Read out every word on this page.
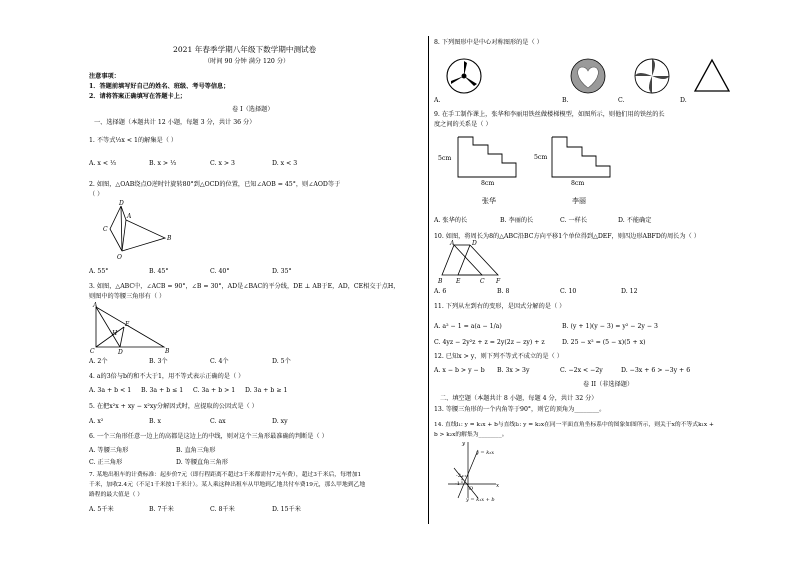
2021 年春季学期八年级下数学期中测试卷
（时间 90 分钟 满分 120 分）
注意事项：
1．答题前填写好自己的姓名、班级、考号等信息；
2．请将答案正确填写在答题卡上；
卷 I（选择题）
一、选择题（本题共计 12 小题，每题 3 分，共计 36 分）
1. 不等式⅓x < 1的解集是（ ）
A. x < ⅓	B. x > ⅓	C. x > 3	D. x < 3
2. 如图，△OAB绕点O逆时针旋转80°到△OCD的位置，已知∠AOB = 45°，则∠AOD等于
（ ）
D
C
A
B
O
A. 55°	B. 45°	C. 40°	D. 35°
3. 如图，△ABC中，∠ACB = 90°，∠B = 30°，AD是∠BAC的平分线，DE ⊥ AB于E，AD，CE相交于点H，
则图中的等腰三角形有（ ）
A
E
H
C	D	B
A. 2个	B. 3个	C. 4个	D. 5个
4. a的3倍与b的和不大于1，用不等式表示正确的是（ ）
A. 3a + b < 1 B. 3a + b ≤ 1 C. 3a + b > 1 D. 3a + b ≥ 1
5. 在把x²x + xy − x²xy分解因式时，应提取的公因式是（ ）
A. x²	B. x	C. ax	D. xy
6. 一个三角形任意一边上的高都是这边上的中线，则对这个三角形最准确的判断是（ ）
A. 等腰三角形	B. 直角三角形
C. 正三角形	D. 等腰直角三角形
7. 某地出租车的计费标准：起步价7元（即行程距离不超过3千米都需付7元车费），超过3千米后，每增加1
千米，加收2.4元（不足1千米按1千米计）。某人乘这种出租车从甲地到乙地共付车费19元，那么甲地到乙地
路程的最大值是（ ）
A. 5千米	B. 7千米	C. 8千米	D. 15千米
8. 下列图形中是中心对称图形的是（ ）
A.	B.	C.	D.
9. 在手工制作课上，张华和李丽用铁丝做楼梯模型，如图所示，则他们用的铁丝的长
度之间的关系是（ ）
5cm
8cm
5cm
8cm
张华	李丽
A. 张华的长	B. 李丽的长	C. 一样长	D. 不能确定
10. 如图，将周长为8的△ABC沿BC方向平移1个单位得到△DEF，则四边形ABFD的周长为（ ）
A	D
B E	C F
A. 6	B. 8	C. 10	D. 12
11. 下列从左到右的变形，是因式分解的是（ ）
A. a² − 1 = a(a − 1/a)	B. (y + 1)(y − 3) = y² − 2y − 3
C. 4yz − 2y²z + z = 2y(2z − zy) + z	D. 25 − x² = (5 − x)(5 + x)
12. 已知x > y，则下列不等式不成立的是（ ）
A. x − b > y − b B. 3x > 3y	C. −2x < −2y	D. −3x + 6 > −3y + 6
卷 II（非选择题）
二、填空题（本题共计 8 小题，每题 4 分，共计 32 分）
13. 等腰三角形的一个内角等于90°，则它的顶角为________。
14. 直线l₁: y = k₁x + b与直线l₂: y = k₂x在同一平面直角坐标系中的图象如图所示，则关于x的不等式k₁x +
b > k₂x的解集为________。
y
y = k₂x
-1
-2
O	x
y = k₁x + b
